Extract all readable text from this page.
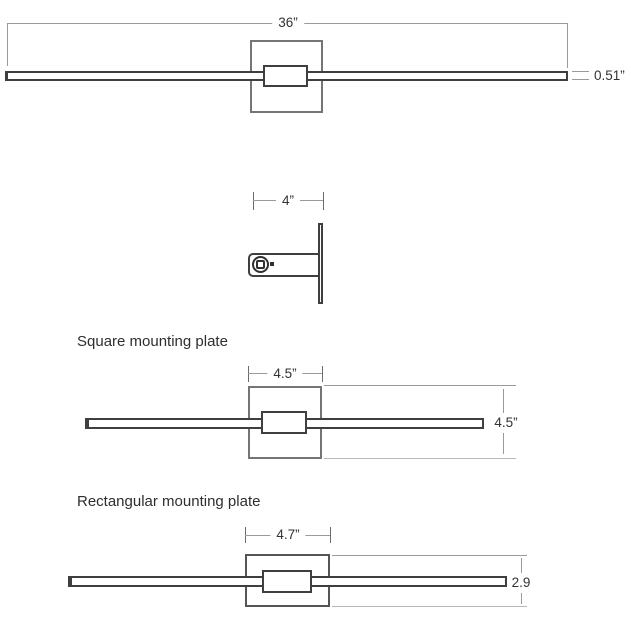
36”
0.51”
4”
Square mounting plate
4.5”
4.5”
Rectangular mounting plate
4.7”
2.9
